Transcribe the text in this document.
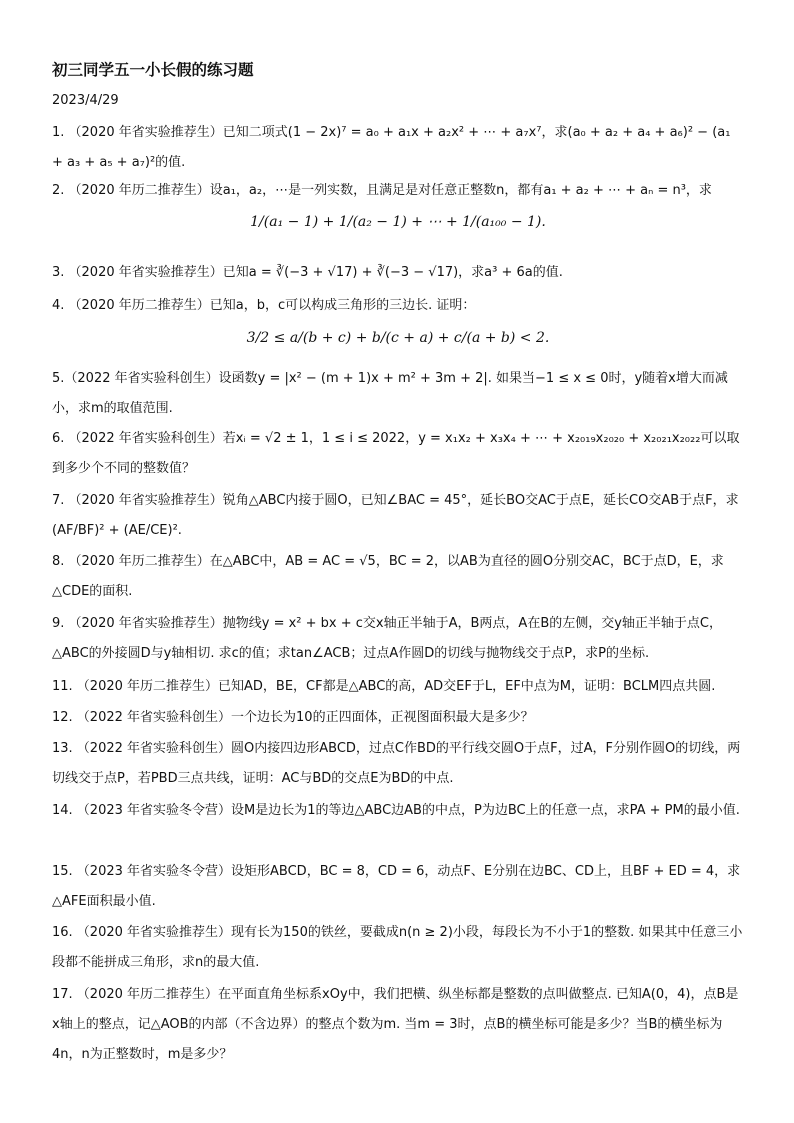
初三同学五一小长假的练习题
2023/4/29
1. （2020 年省实验推荐生）已知二项式(1 − 2x)⁷ = a₀ + a₁x + a₂x² + ⋯ + a₇x⁷，求(a₀ + a₂ + a₄ + a₆)² − (a₁ + a₃ + a₅ + a₇)²的值.
2. （2020 年历二推荐生）设a₁，a₂，⋯是一列实数，且满足是对任意正整数n，都有a₁ + a₂ + ⋯ + aₙ = n³，求
1/(a₁ − 1) + 1/(a₂ − 1) + ⋯ + 1/(a₁₀₀ − 1).
3. （2020 年省实验推荐生）已知a = ∛(−3 + √17) + ∛(−3 − √17)，求a³ + 6a的值.
4. （2020 年历二推荐生）已知a，b，c可以构成三角形的三边长. 证明：
3/2 ≤ a/(b + c) + b/(c + a) + c/(a + b) < 2.
5.（2022 年省实验科创生）设函数y = |x² − (m + 1)x + m² + 3m + 2|. 如果当−1 ≤ x ≤ 0时，y随着x增大而减小，求m的取值范围.
6. （2022 年省实验科创生）若xᵢ = √2 ± 1，1 ≤ i ≤ 2022，y = x₁x₂ + x₃x₄ + ⋯ + x₂₀₁₉x₂₀₂₀ + x₂₀₂₁x₂₀₂₂可以取到多少个不同的整数值？
7. （2020 年省实验推荐生）锐角△ABC内接于圆O，已知∠BAC = 45°，延长BO交AC于点E，延长CO交AB于点F，求(AF/BF)² + (AE/CE)².
8. （2020 年历二推荐生）在△ABC中，AB = AC = √5，BC = 2，以AB为直径的圆O分别交AC，BC于点D，E，求△CDE的面积.
9. （2020 年省实验推荐生）抛物线y = x² + bx + c交x轴正半轴于A，B两点，A在B的左侧，交y轴正半轴于点C，△ABC的外接圆D与y轴相切. 求c的值；求tan∠ACB；过点A作圆D的切线与抛物线交于点P，求P的坐标.
11. （2020 年历二推荐生）已知AD，BE，CF都是△ABC的高，AD交EF于L，EF中点为M，证明：BCLM四点共圆.
12. （2022 年省实验科创生）一个边长为10的正四面体，正视图面积最大是多少？
13. （2022 年省实验科创生）圆O内接四边形ABCD，过点C作BD的平行线交圆O于点F，过A，F分别作圆O的切线，两切线交于点P，若PBD三点共线，证明：AC与BD的交点E为BD的中点.
14. （2023 年省实验冬令营）设M是边长为1的等边△ABC边AB的中点，P为边BC上的任意一点，求PA + PM的最小值.
15. （2023 年省实验冬令营）设矩形ABCD，BC = 8，CD = 6，动点F、E分别在边BC、CD上，且BF + ED = 4，求△AFE面积最小值.
16. （2020 年省实验推荐生）现有长为150的铁丝，要截成n(n ≥ 2)小段，每段长为不小于1的整数. 如果其中任意三小段都不能拼成三角形，求n的最大值.
17. （2020 年历二推荐生）在平面直角坐标系xOy中，我们把横、纵坐标都是整数的点叫做整点. 已知A(0，4)，点B是x轴上的整点，记△AOB的内部（不含边界）的整点个数为m. 当m = 3时，点B的横坐标可能是多少？当B的横坐标为4n，n为正整数时，m是多少？
